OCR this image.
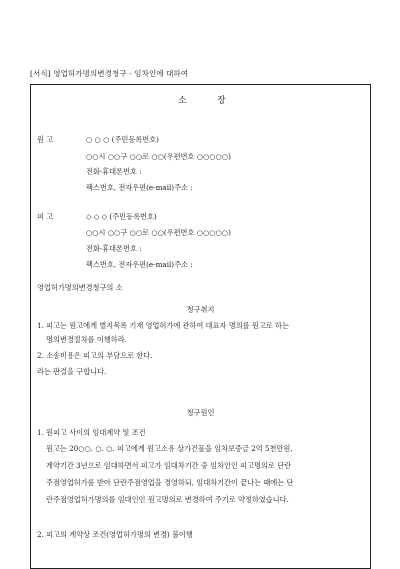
[서식] 영업허가명의변경청구 - 임차인에 대하여
소	장
원 고	○ ○ ○ (주민등록번호)
○○시 ○○구 ○○로 ○○(우편번호 ○○○○○)
전화·휴대폰번호 :
팩스번호, 전자우편(e-mail)주소 :
피 고	◇ ◇ ◇ (주민등록번호)
○○시 ○○구 ○○로 ○○(우편번호 ○○○○○)
전화·휴대폰번호 :
팩스번호, 전자우편(e-mail)주소 :
영업허가명의변경청구의 소
청구취지
1. 피고는 원고에게 별지목록 기재 영업허가에 관하여 대표자 명의를 원고로 하는
명의변경절차를 이행하라.
2. 소송비용은 피고의 부담으로 한다.
라는 판결을 구합니다.
청구원인
1. 원피고 사이의 임대계약 및 조건
원고는 20○○. ○. ○. 피고에게 원고소유 상가건물을 임차보증금 2억 5천만원,
계약기간 3년으로 임대하면서 피고가 임대차기간 중 임차인인 피고명의로 단란
주점영업허가를 받아 단란주점영업을 경영하되, 임대차기간이 끝나는 때에는 단
란주점영업허가명의를 임대인인 원고명의로 변경하여 주기로 약정하였습니다.
2. 피고의 계약상 조건(영업허가명의 변경) 불이행
